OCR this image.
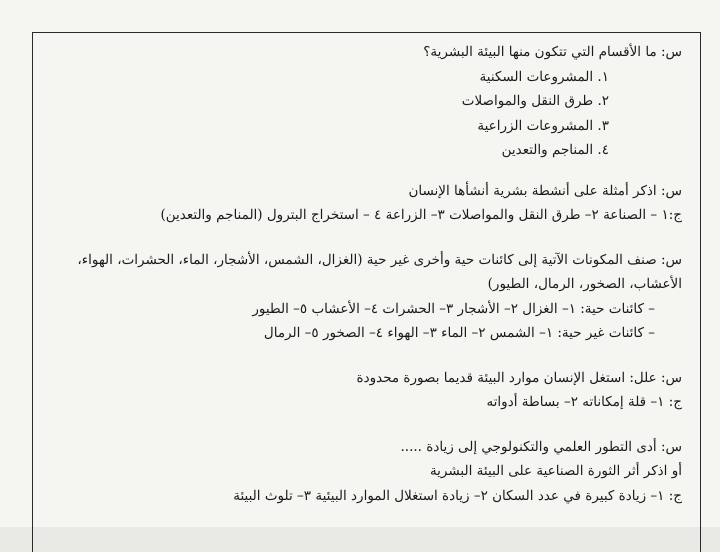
س: ما الأقسام التي تتكون منها البيئة البشرية؟
١. المشروعات السكنية
٢. طرق النقل والمواصلات
٣. المشروعات الزراعية
٤. المناجم والتعدين
س: اذكر أمثلة على أنشطة بشرية أنشأها الإنسان
ج:١ – الصناعة ٢– طرق النقل والمواصلات ٣– الزراعة ٤ – استخراج البترول (المناجم والتعدين)
س: صنف المكونات الآتية إلى كائنات حية وأخرى غير حية (الغزال، الشمس، الأشجار، الماء، الحشرات، الهواء،
الأعشاب، الصخور، الرمال، الطيور)
– كائنات حية: ١– الغزال ٢– الأشجار ٣– الحشرات ٤– الأعشاب ٥– الطيور
– كائنات غير حية: ١– الشمس ٢– الماء ٣– الهواء ٤– الصخور ٥– الرمال
س: علل: استغل الإنسان موارد البيئة قديما بصورة محدودة
ج: ١– قلة إمكاناته ٢– بساطة أدواته
س: أدى التطور العلمي والتكنولوجي إلى زيادة .....
أو اذكر أثر الثورة الصناعية على البيئة البشرية
ج: ١– زيادة كبيرة في عدد السكان ٢– زيادة استغلال الموارد البيئية ٣– تلوث البيئة
